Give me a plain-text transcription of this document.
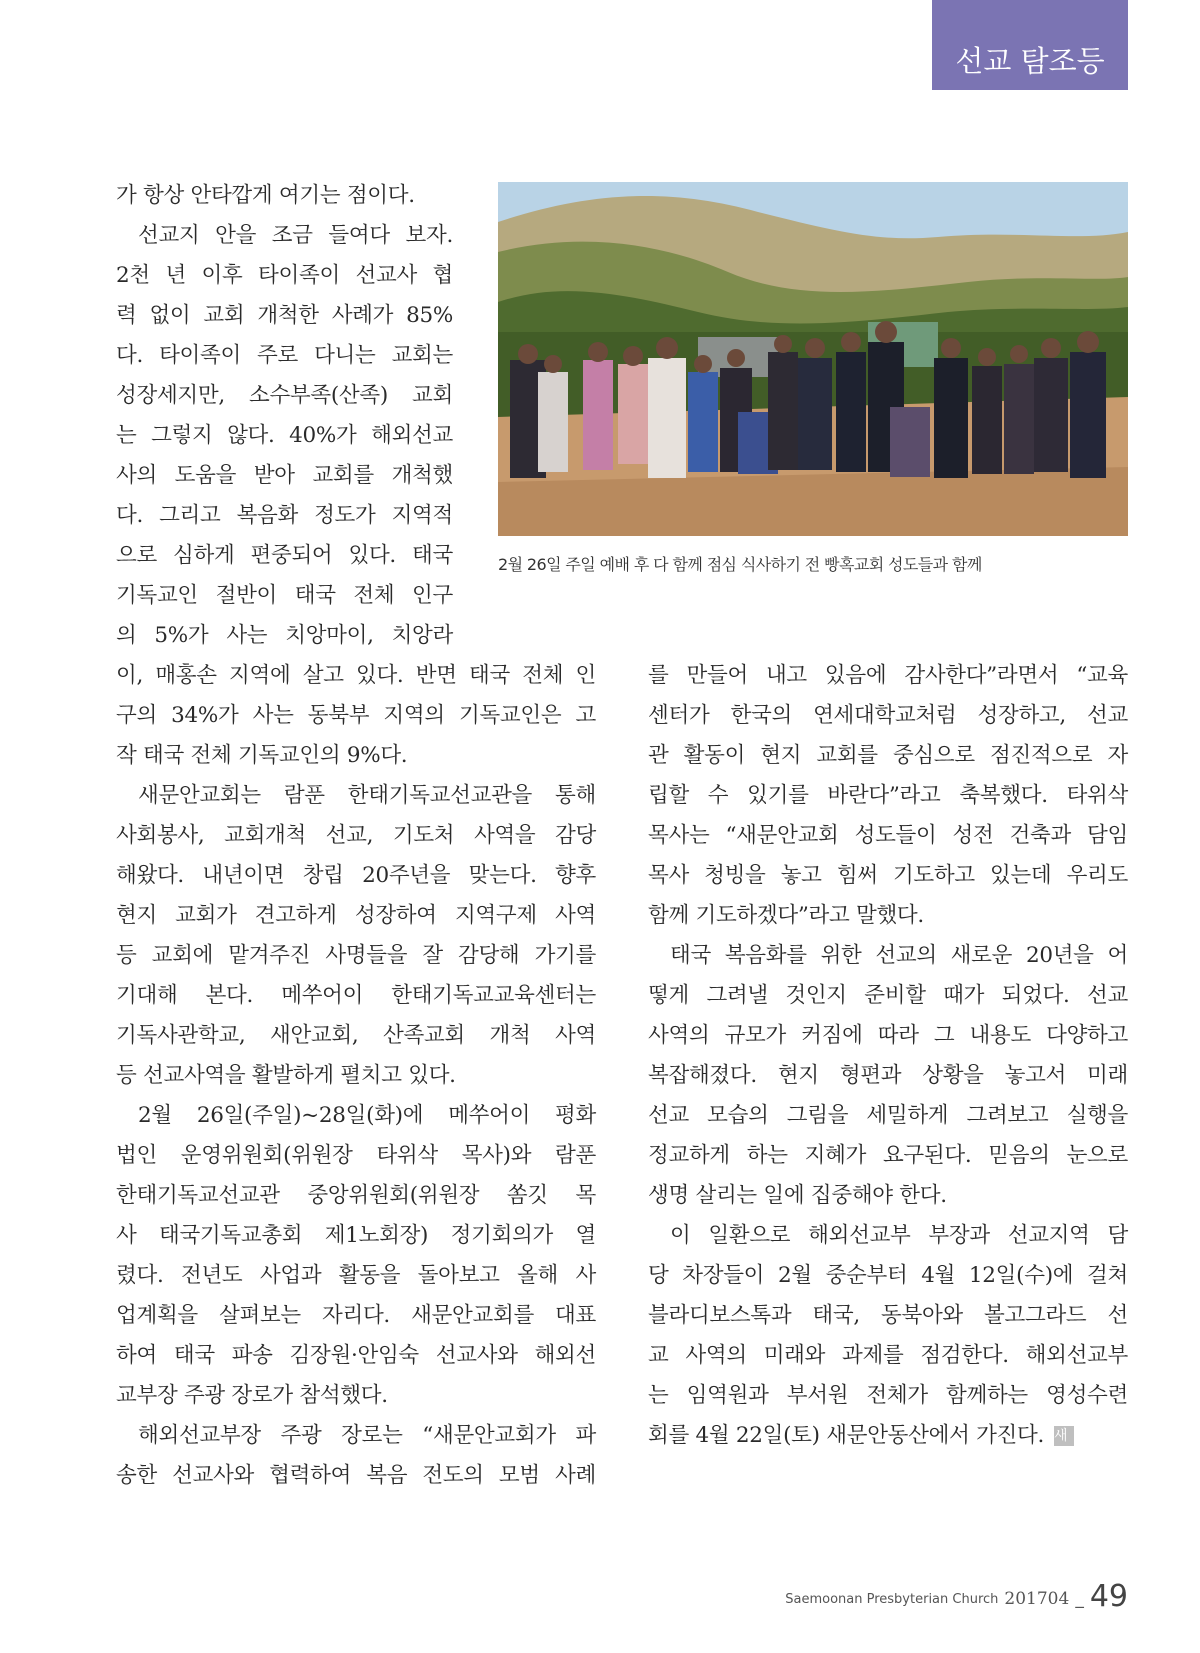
선교 탐조등
2월 26일 주일 예배 후 다 함께 점심 식사하기 전 빵혹교회 성도들과 함께
가 항상 안타깝게 여기는 점이다.
선교지 안을 조금 들여다 보자.
2천 년 이후 타이족이 선교사 협
력 없이 교회 개척한 사례가 85%
다. 타이족이 주로 다니는 교회는
성장세지만, 소수부족(산족) 교회
는 그렇지 않다. 40%가 해외선교
사의 도움을 받아 교회를 개척했
다. 그리고 복음화 정도가 지역적
으로 심하게 편중되어 있다. 태국
기독교인 절반이 태국 전체 인구
의 5%가 사는 치앙마이, 치앙라
이, 매홍손 지역에 살고 있다. 반면 태국 전체 인
구의 34%가 사는 동북부 지역의 기독교인은 고
작 태국 전체 기독교인의 9%다.
새문안교회는 람푼 한태기독교선교관을 통해
사회봉사, 교회개척 선교, 기도처 사역을 감당
해왔다. 내년이면 창립 20주년을 맞는다. 향후
현지 교회가 견고하게 성장하여 지역구제 사역
등 교회에 맡겨주진 사명들을 잘 감당해 가기를
기대해 본다. 메쑤어이 한태기독교교육센터는
기독사관학교, 새안교회, 산족교회 개척 사역
등 선교사역을 활발하게 펼치고 있다.
2월 26일(주일)~28일(화)에 메쑤어이 평화
법인 운영위원회(위원장 타위삭 목사)와 람푼
한태기독교선교관 중앙위원회(위원장 쏨깃 목
사 태국기독교총회 제1노회장) 정기회의가 열
렸다. 전년도 사업과 활동을 돌아보고 올해 사
업계획을 살펴보는 자리다. 새문안교회를 대표
하여 태국 파송 김장원·안임숙 선교사와 해외선
교부장 주광 장로가 참석했다.
해외선교부장 주광 장로는 “새문안교회가 파
송한 선교사와 협력하여 복음 전도의 모범 사례
를 만들어 내고 있음에 감사한다”라면서 “교육
센터가 한국의 연세대학교처럼 성장하고, 선교
관 활동이 현지 교회를 중심으로 점진적으로 자
립할 수 있기를 바란다”라고 축복했다. 타위삭
목사는 “새문안교회 성도들이 성전 건축과 담임
목사 청빙을 놓고 힘써 기도하고 있는데 우리도
함께 기도하겠다”라고 말했다.
태국 복음화를 위한 선교의 새로운 20년을 어
떻게 그려낼 것인지 준비할 때가 되었다. 선교
사역의 규모가 커짐에 따라 그 내용도 다양하고
복잡해졌다. 현지 형편과 상황을 놓고서 미래
선교 모습의 그림을 세밀하게 그려보고 실행을
정교하게 하는 지혜가 요구된다. 믿음의 눈으로
생명 살리는 일에 집중해야 한다.
이 일환으로 해외선교부 부장과 선교지역 담
당 차장들이 2월 중순부터 4월 12일(수)에 걸쳐
블라디보스톡과 태국, 동북아와 볼고그라드 선
교 사역의 미래와 과제를 점검한다. 해외선교부
는 임역원과 부서원 전체가 함께하는 영성수련
회를 4월 22일(토) 새문안동산에서 가진다. 새
Saemoonan Presbyterian Church 201704 _ 49
